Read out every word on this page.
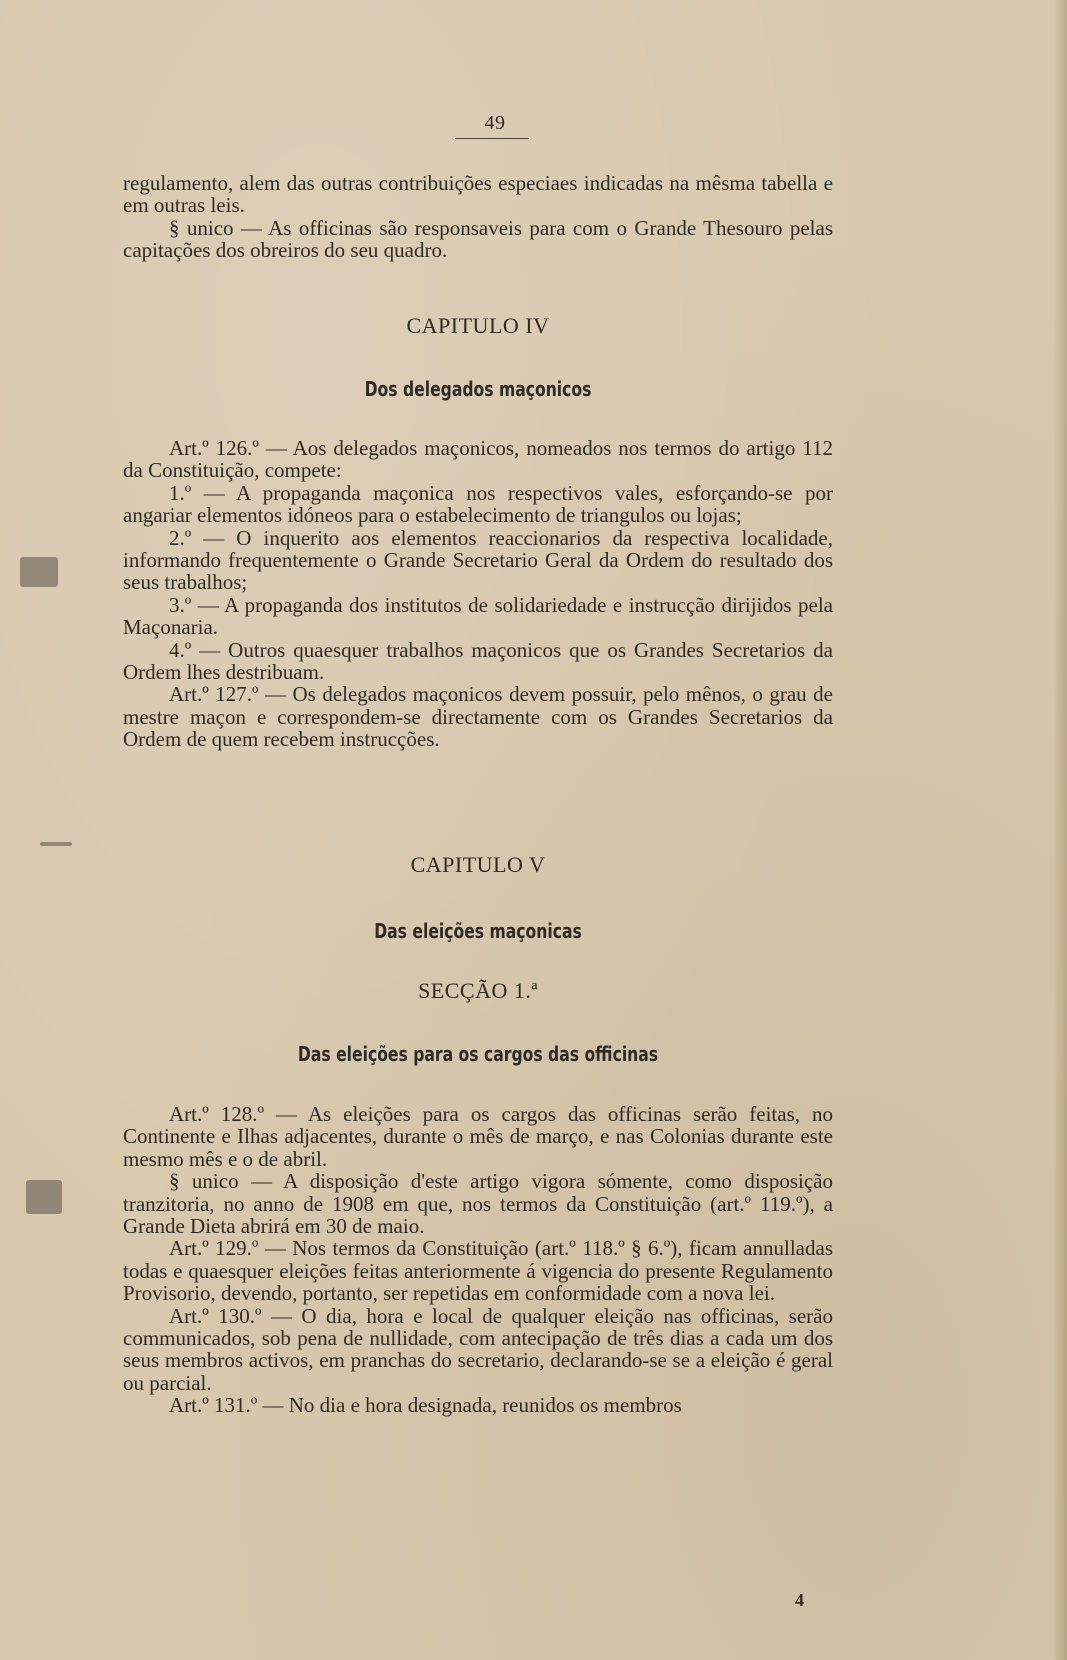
49

regulamento, alem das outras contribuições especiaes indicadas na mêsma tabella e em outras leis.

§ unico — As officinas são responsaveis para com o Grande Thesouro pelas capitações dos obreiros do seu quadro.

CAPITULO IV
Dos delegados maçonicos

Art.º 126.º — Aos delegados maçonicos, nomeados nos termos do artigo 112 da Constituição, compete:

1.º — A propaganda maçonica nos respectivos vales, esforçando-se por angariar elementos idóneos para o estabelecimento de triangulos ou lojas;

2.º — O inquerito aos elementos reaccionarios da respectiva localidade, informando frequentemente o Grande Secretario Geral da Ordem do resultado dos seus trabalhos;

3.º — A propaganda dos institutos de solidariedade e instrucção dirijidos pela Maçonaria.

4.º — Outros quaesquer trabalhos maçonicos que os Grandes Secretarios da Ordem lhes destribuam.

Art.º 127.º — Os delegados maçonicos devem possuir, pelo mênos, o grau de mestre maçon e correspondem-se directamente com os Grandes Secretarios da Ordem de quem recebem instrucções.

CAPITULO V
Das eleições maçonicas
SECÇÃO 1.ª
Das eleições para os cargos das officinas

Art.º 128.º — As eleições para os cargos das officinas serão feitas, no Continente e Ilhas adjacentes, durante o mês de março, e nas Colonias durante este mesmo mês e o de abril.

§ unico — A disposição d'este artigo vigora sómente, como disposição tranzitoria, no anno de 1908 em que, nos termos da Constituição (art.º 119.º), a Grande Dieta abrirá em 30 de maio.

Art.º 129.º — Nos termos da Constituição (art.º 118.º § 6.º), ficam annulladas todas e quaesquer eleições feitas anteriormente á vigencia do presente Regulamento Provisorio, devendo, portanto, ser repetidas em conformidade com a nova lei.

Art.º 130.º — O dia, hora e local de qualquer eleição nas officinas, serão communicados, sob pena de nullidade, com antecipação de três dias a cada um dos seus membros activos, em pranchas do secretario, declarando-se se a eleição é geral ou parcial.

Art.º 131.º — No dia e hora designada, reunidos os membros

4
